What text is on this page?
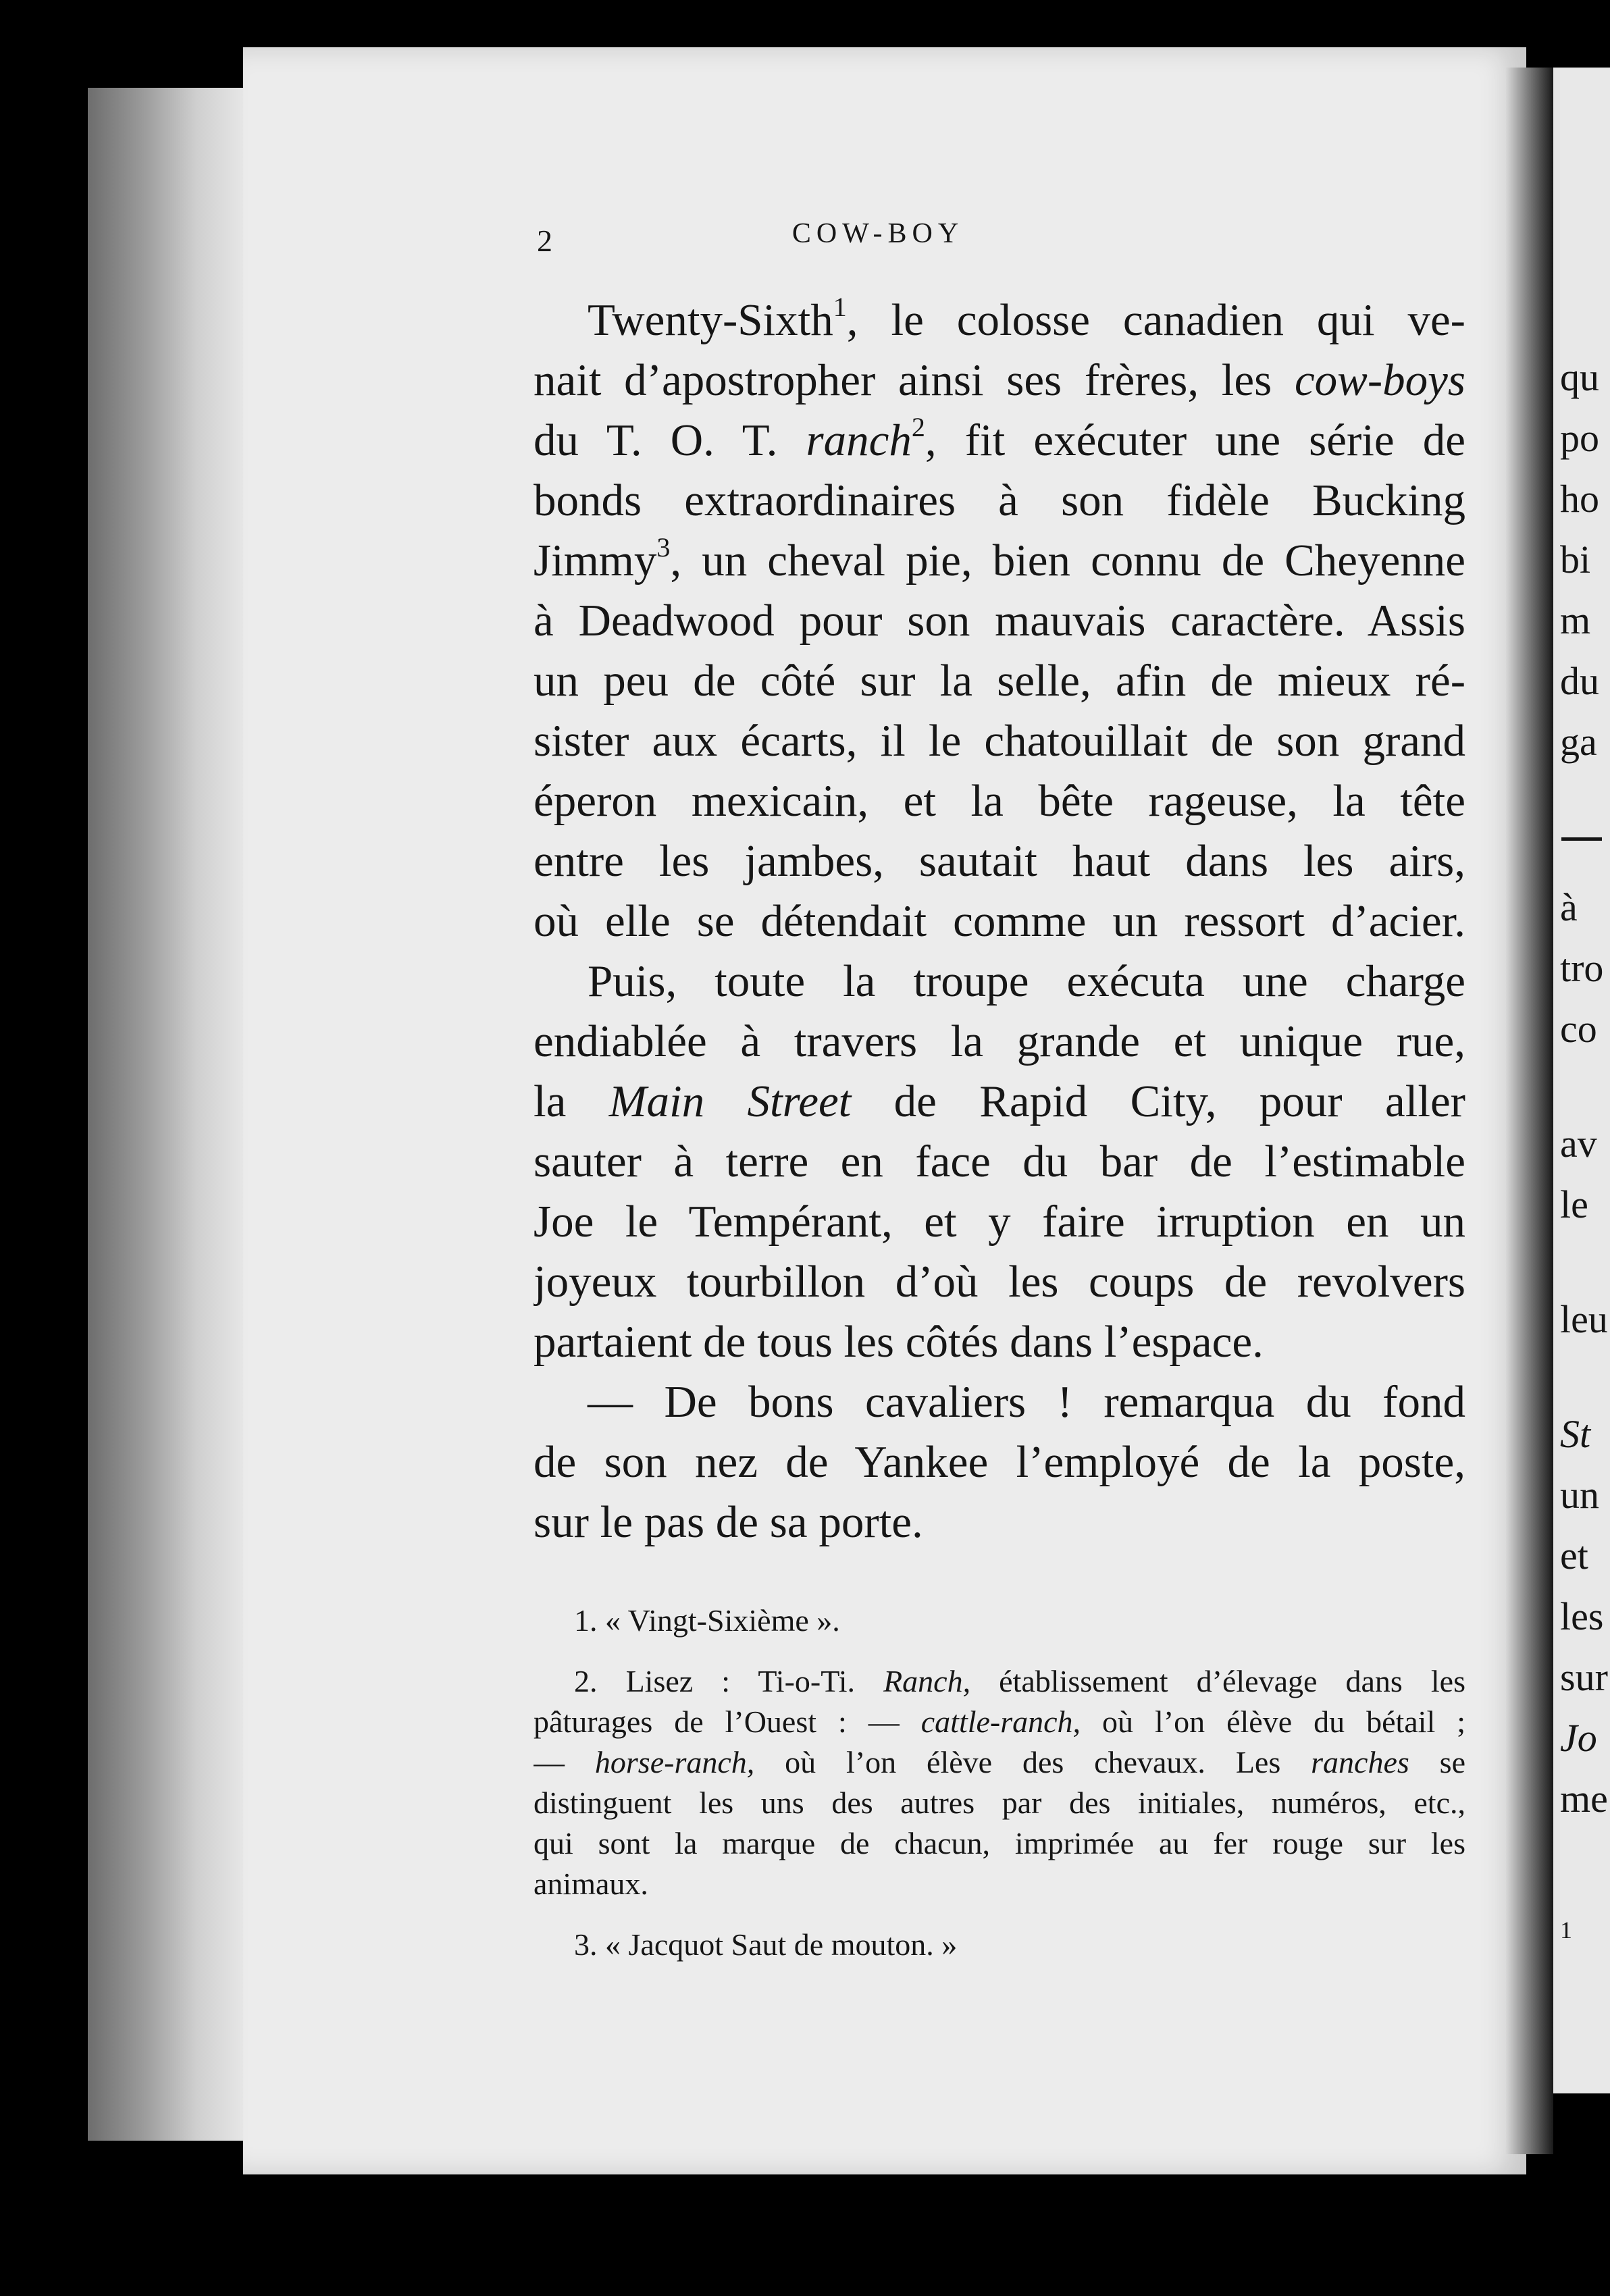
qu
po
ho
bi
m
du
ga
à
tro
co
av
le
leu
St
un
et
les
sur
Jo
me
1
2	COW-BOY
Twenty-Sixth$^1$, le colosse canadien qui ve-
nait d’apostropher ainsi ses frères, les cow-boys
du T. O. T. ranch$^2$, fit exécuter une série de
bonds extraordinaires à son fidèle Bucking
Jimmy$^3$, un cheval pie, bien connu de Cheyenne
à Deadwood pour son mauvais caractère. Assis
un peu de côté sur la selle, afin de mieux ré-
sister aux écarts, il le chatouillait de son grand
éperon mexicain, et la bête rageuse, la tête
entre les jambes, sautait haut dans les airs,
où elle se détendait comme un ressort d’acier.
Puis, toute la troupe exécuta une charge
endiablée à travers la grande et unique rue,
la Main Street de Rapid City, pour aller
sauter à terre en face du bar de l’estimable
Joe le Tempérant, et y faire irruption en un
joyeux tourbillon d’où les coups de revolvers
partaient de tous les côtés dans l’espace.
— De bons cavaliers ! remarqua du fond
de son nez de Yankee l’employé de la poste,
sur le pas de sa porte.
1. « Vingt-Sixième ».
2. Lisez : Ti-o-Ti. Ranch, établissement d’élevage dans les
pâturages de l’Ouest : — cattle-ranch, où l’on élève du bétail ;
— horse-ranch, où l’on élève des chevaux. Les ranches se
distinguent les uns des autres par des initiales, numéros, etc.,
qui sont la marque de chacun, imprimée au fer rouge sur les
animaux.
3. « Jacquot Saut de mouton. »
